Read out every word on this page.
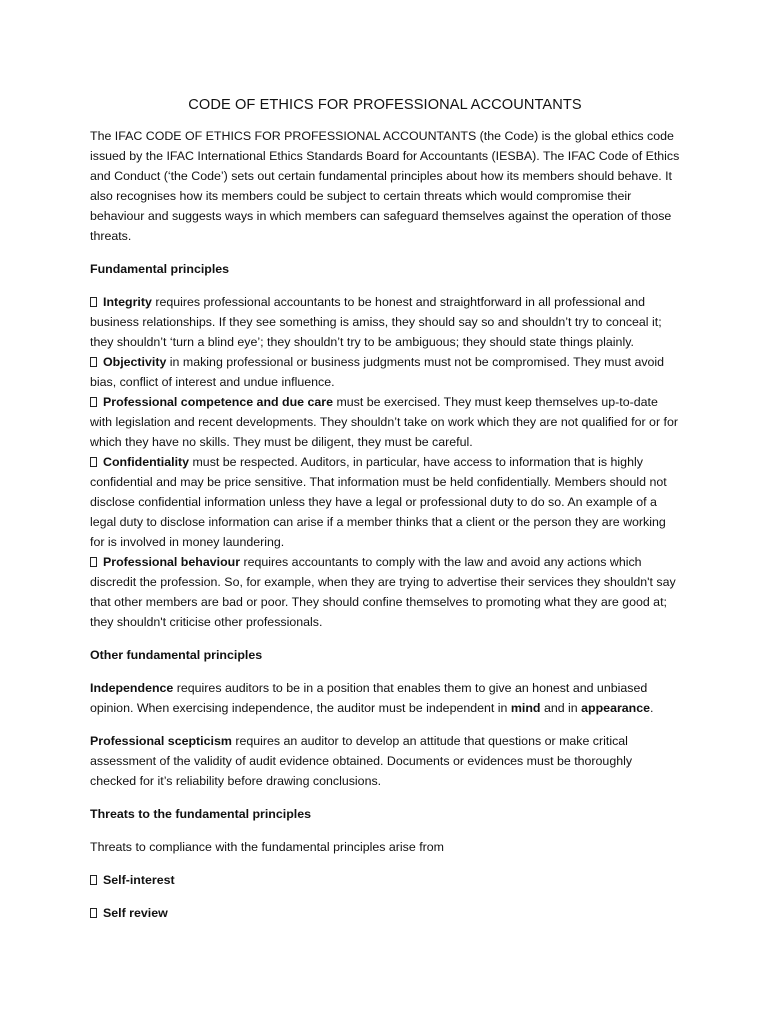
CODE OF ETHICS FOR PROFESSIONAL ACCOUNTANTS

The IFAC CODE OF ETHICS FOR PROFESSIONAL ACCOUNTANTS (the Code) is the global ethics code issued by the IFAC International Ethics Standards Board for Accountants (IESBA). The IFAC Code of Ethics and Conduct (‘the Code’) sets out certain fundamental principles about how its members should behave. It also recognises how its members could be subject to certain threats which would compromise their behaviour and suggests ways in which members can safeguard themselves against the operation of those threats.

Fundamental principles

Integrity requires professional accountants to be honest and straightforward in all professional and business relationships. If they see something is amiss, they should say so and shouldn’t try to conceal it; they shouldn’t ‘turn a blind eye’; they shouldn’t try to be ambiguous; they should state things plainly.

Objectivity in making professional or business judgments must not be compromised. They must avoid bias, conflict of interest and undue influence.

Professional competence and due care must be exercised. They must keep themselves up-to-date with legislation and recent developments. They shouldn’t take on work which they are not qualified for or for which they have no skills. They must be diligent, they must be careful.

Confidentiality must be respected. Auditors, in particular, have access to information that is highly confidential and may be price sensitive. That information must be held confidentially. Members should not disclose confidential information unless they have a legal or professional duty to do so. An example of a legal duty to disclose information can arise if a member thinks that a client or the person they are working for is involved in money laundering.

Professional behaviour requires accountants to comply with the law and avoid any actions which discredit the profession. So, for example, when they are trying to advertise their services they shouldn't say that other members are bad or poor. They should confine themselves to promoting what they are good at; they shouldn't criticise other professionals.

Other fundamental principles

Independence requires auditors to be in a position that enables them to give an honest and unbiased opinion. When exercising independence, the auditor must be independent in mind and in appearance.

Professional scepticism requires an auditor to develop an attitude that questions or make critical assessment of the validity of audit evidence obtained. Documents or evidences must be thoroughly checked for it’s reliability before drawing conclusions.

Threats to the fundamental principles

Threats to compliance with the fundamental principles arise from

Self-interest

Self review
